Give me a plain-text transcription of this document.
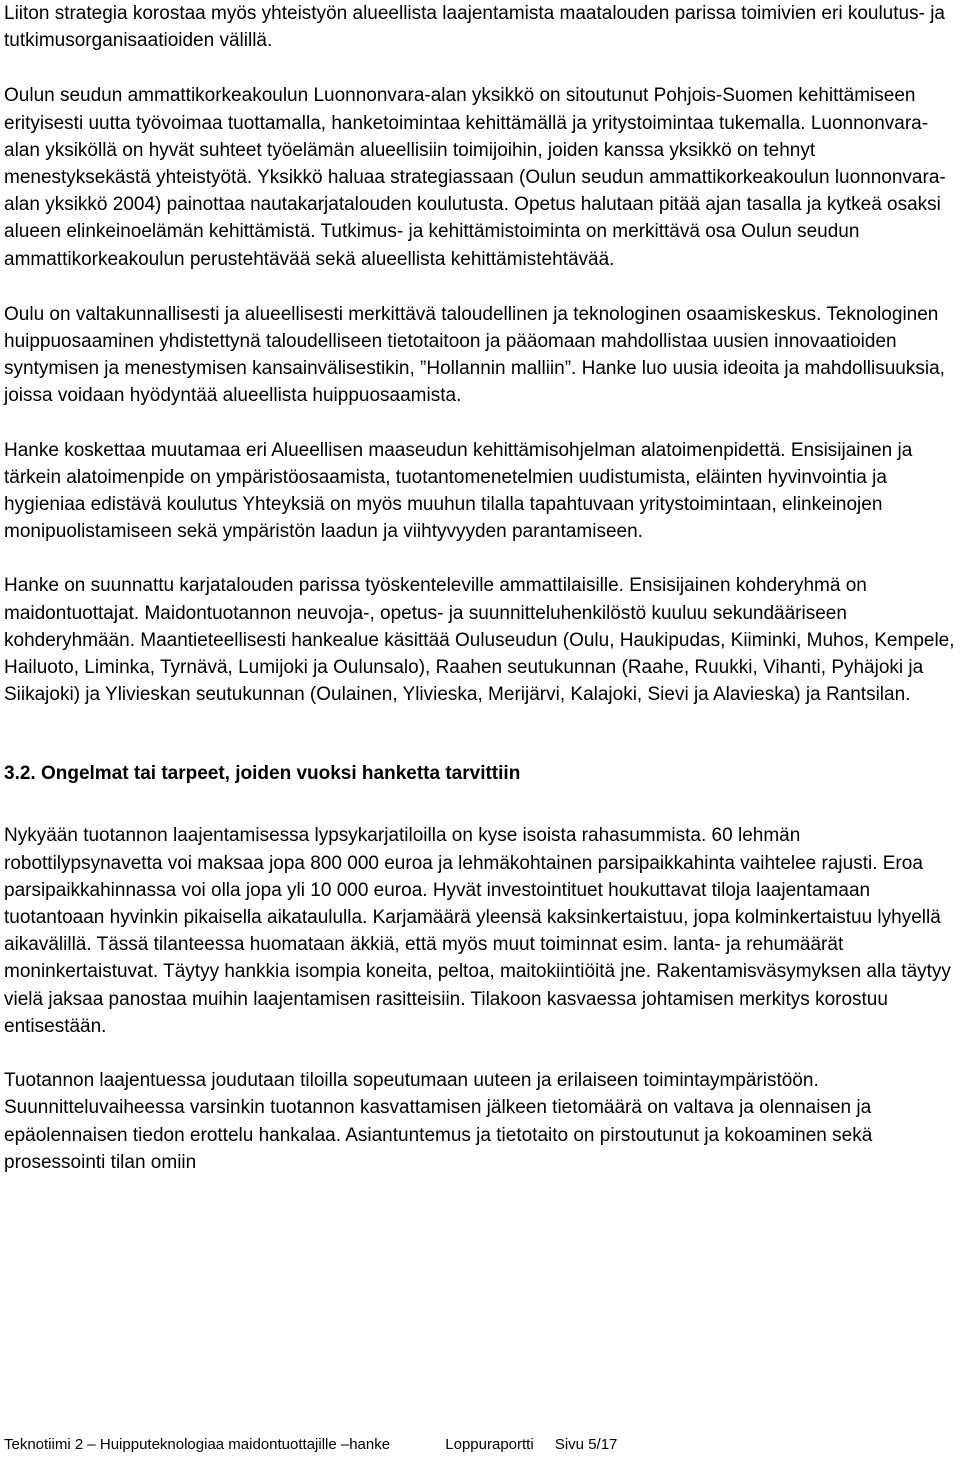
Liiton strategia korostaa myös yhteistyön alueellista laajentamista maatalouden parissa toimivien eri koulutus- ja tutkimusorganisaatioiden välillä.

Oulun seudun ammattikorkeakoulun Luonnonvara-alan yksikkö on sitoutunut Pohjois-Suomen kehittämiseen erityisesti uutta työvoimaa tuottamalla, hanketoimintaa kehittämällä ja yritystoimintaa tukemalla. Luonnonvara-alan yksiköllä on hyvät suhteet työelämän alueellisiin toimijoihin, joiden kanssa yksikkö on tehnyt menestyksekästä yhteistyötä. Yksikkö haluaa strategiassaan (Oulun seudun ammattikorkeakoulun luonnonvara-alan yksikkö 2004) painottaa nautakarjatalouden koulutusta. Opetus halutaan pitää ajan tasalla ja kytkeä osaksi alueen elinkeinoelämän kehittämistä. Tutkimus- ja kehittämistoiminta on merkittävä osa Oulun seudun ammattikorkeakoulun perustehtävää sekä alueellista kehittämistehtävää.

Oulu on valtakunnallisesti ja alueellisesti merkittävä taloudellinen ja teknologinen osaamiskeskus. Teknologinen huippuosaaminen yhdistettynä taloudelliseen tietotaitoon ja pääomaan mahdollistaa uusien innovaatioiden syntymisen ja menestymisen kansainvälisestikin, ”Hollannin malliin”. Hanke luo uusia ideoita ja mahdollisuuksia, joissa voidaan hyödyntää alueellista huippuosaamista.

Hanke koskettaa muutamaa eri Alueellisen maaseudun kehittämisohjelman alatoimenpidettä. Ensisijainen ja tärkein alatoimenpide on ympäristöosaamista, tuotantomenetelmien uudistumista, eläinten hyvinvointia ja hygieniaa edistävä koulutus Yhteyksiä on myös muuhun tilalla tapahtuvaan yritystoimintaan, elinkeinojen monipuolistamiseen sekä ympäristön laadun ja viihtyvyyden parantamiseen.

Hanke on suunnattu karjatalouden parissa työskenteleville ammattilaisille. Ensisijainen kohderyhmä on maidontuottajat. Maidontuotannon neuvoja-, opetus- ja suunnitteluhenkilöstö kuuluu sekundääriseen kohderyhmään. Maantieteellisesti hankealue käsittää Ouluseudun (Oulu, Haukipudas, Kiiminki, Muhos, Kempele, Hailuoto, Liminka, Tyrnävä, Lumijoki ja Oulunsalo), Raahen seutukunnan (Raahe, Ruukki, Vihanti, Pyhäjoki ja Siikajoki) ja Ylivieskan seutukunnan (Oulainen, Ylivieska, Merijärvi, Kalajoki, Sievi ja Alavieska) ja Rantsilan.

3.2. Ongelmat tai tarpeet, joiden vuoksi hanketta tarvittiin

Nykyään tuotannon laajentamisessa lypsykarjatiloilla on kyse isoista rahasummista. 60 lehmän robottilypsynavetta voi maksaa jopa 800 000 euroa ja lehmäkohtainen parsipaikkahinta vaihtelee rajusti. Eroa parsipaikkahinnassa voi olla jopa yli 10 000 euroa. Hyvät investointituet houkuttavat tiloja laajentamaan tuotantoaan hyvinkin pikaisella aikataululla. Karjamäärä yleensä kaksinkertaistuu, jopa kolminkertaistuu lyhyellä aikavälillä. Tässä tilanteessa huomataan äkkiä, että myös muut toiminnat esim. lanta- ja rehumäärät moninkertaistuvat. Täytyy hankkia isompia koneita, peltoa, maitokiintiöitä jne. Rakentamisväsymyksen alla täytyy vielä jaksaa panostaa muihin laajentamisen rasitteisiin. Tilakoon kasvaessa johtamisen merkitys korostuu entisestään.

Tuotannon laajentuessa joudutaan tiloilla sopeutumaan uuteen ja erilaiseen toimintaympäristöön. Suunnitteluvaiheessa varsinkin tuotannon kasvattamisen jälkeen tietomäärä on valtava ja olennaisen ja epäolennaisen tiedon erottelu hankalaa. Asiantuntemus ja tietotaito on pirstoutunut ja kokoaminen sekä prosessointi tilan omiin

Teknotiimi 2 – Huipputeknologiaa maidontuottajille –hanke	Loppuraportti Sivu 5/17
